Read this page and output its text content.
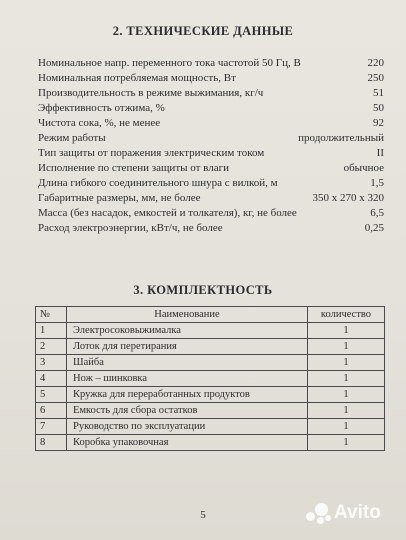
2. ТЕХНИЧЕСКИЕ ДАННЫЕ
Номинальное напр. переменного тока частотой 50 Гц, В	220
Номинальная потребляемая мощность, Вт	250
Производительность в режиме выжимания, кг/ч	51
Эффективность отжима, %	50
Чистота сока, %, не менее	92
Режим работы	продолжительный
Тип защиты от поражения электрическим током	II
Исполнение по степени защиты от влаги	обычное
Длина гибкого соединительного шнура с вилкой, м	1,5
Габаритные размеры, мм, не более	350 х 270 х 320
Масса (без насадок, емкостей и толкателя), кг, не более	6,5
Расход электроэнергии, кВт/ч, не более	0,25
3. КОМПЛЕКТНОСТЬ
№	Наименование	количество
1	Электросоковыжималка	1
2	Лоток для перетирания	1
3	Шайба	1
4	Нож – шинковка	1
5	Кружка для переработанных продуктов	1
6	Емкость для сбора остатков	1
7	Руководство по эксплуатации	1
8	Коробка упаковочная	1
5	Avito
